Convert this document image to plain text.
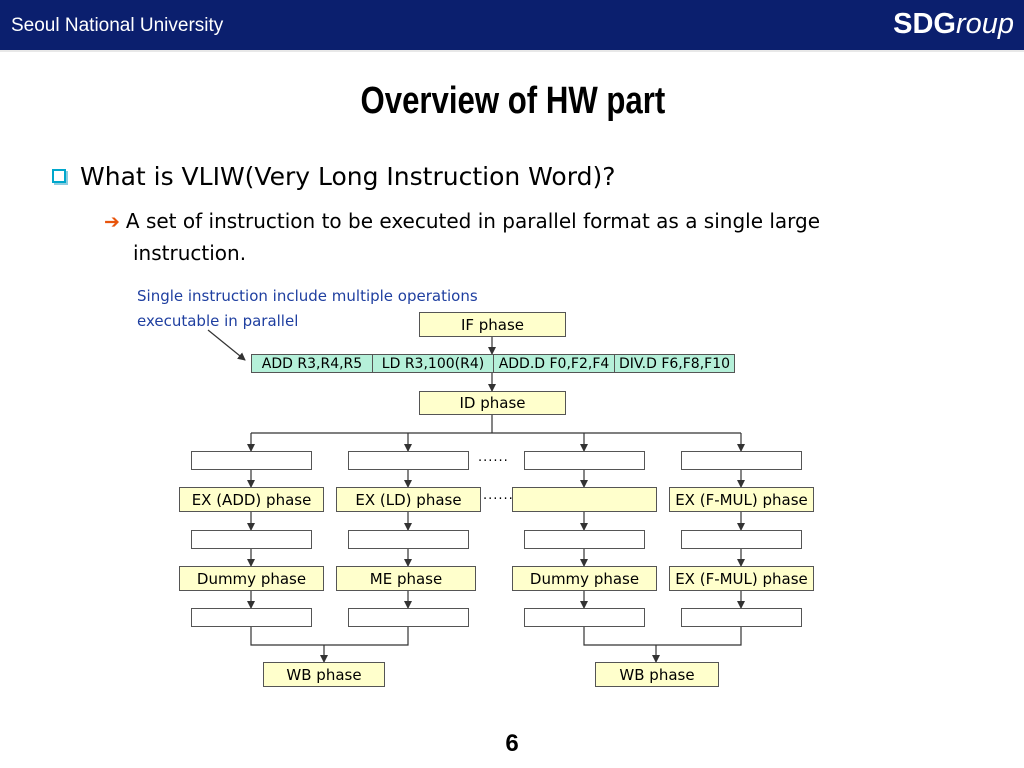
Seoul National University	SDGroup
Overview of HW part
What is VLIW(Very Long Instruction Word)?
➔ A set of instruction to be executed in parallel format as a single large
instruction.
Single instruction include multiple operations
executable in parallel	IF phase
ADD R3,R4,R5	LD R3,100(R4)	ADD.D F0,F2,F4 DIV.D F6,F8,F10
ID phase
......
EX (ADD) phase	EX (LD) phase	EX (F-MUL) phase
......
Dummy phase	ME phase	Dummy phase	EX (F-MUL) phase
WB phase	WB phase
6
